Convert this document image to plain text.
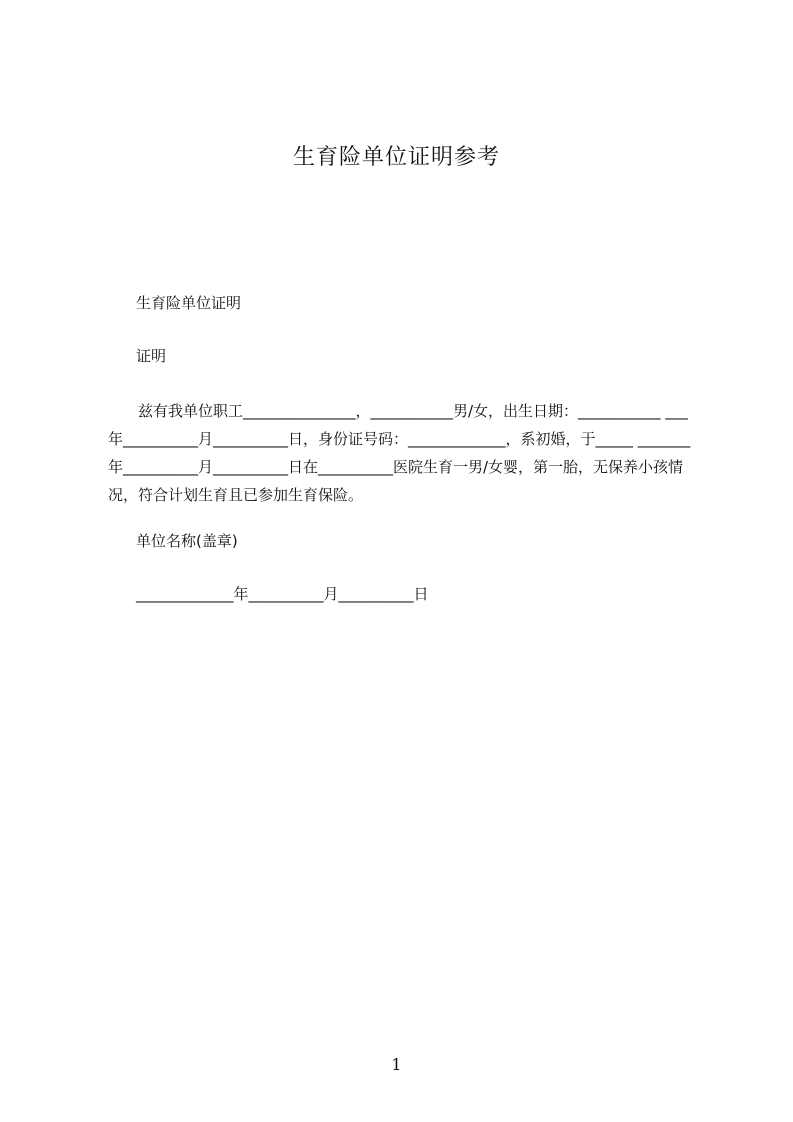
生育险单位证明参考
生育险单位证明
证明
兹有我单位职工_______________，___________男/女，出生日期：___________ ___年__________月__________日，身份证号码：_____________，系初婚，于_____ _______年__________月__________日在__________医院生育一男/女婴，第一胎，无保养小孩情况，符合计划生育且已参加生育保险。
单位名称(盖章)
_____________年__________月__________日
1
